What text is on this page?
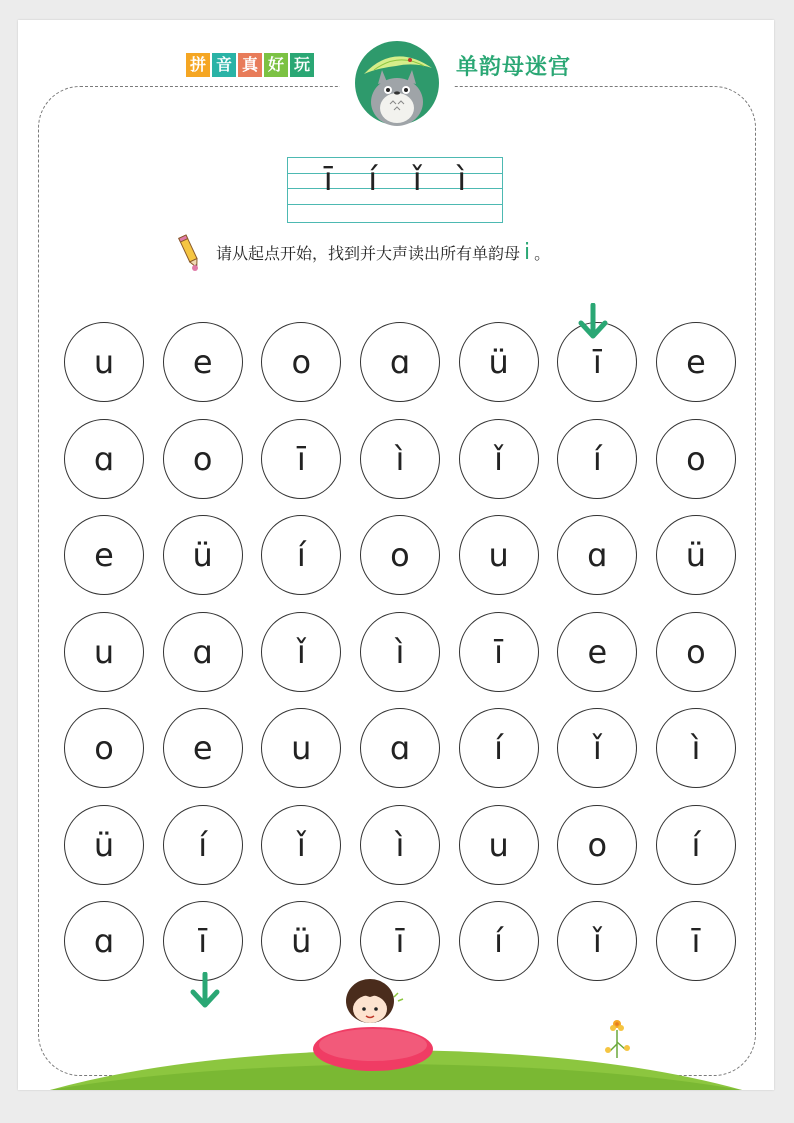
拼 音 真 好 玩	单韵母迷宫
ī í ǐ ì
请从起点开始，找到并大声读出所有单韵母 i 。
u	e	o	ɑ	ü	ī	e
ɑ	o	ī	ì	ǐ	í	o
e	ü	í	o	u	ɑ	ü
u	ɑ	ǐ	ì	ī	e	o
o	e	u	ɑ	í	ǐ	ì
ü	í	ǐ	ì	u	o	í
ɑ	ī	ü	ī	í	ǐ	ī
